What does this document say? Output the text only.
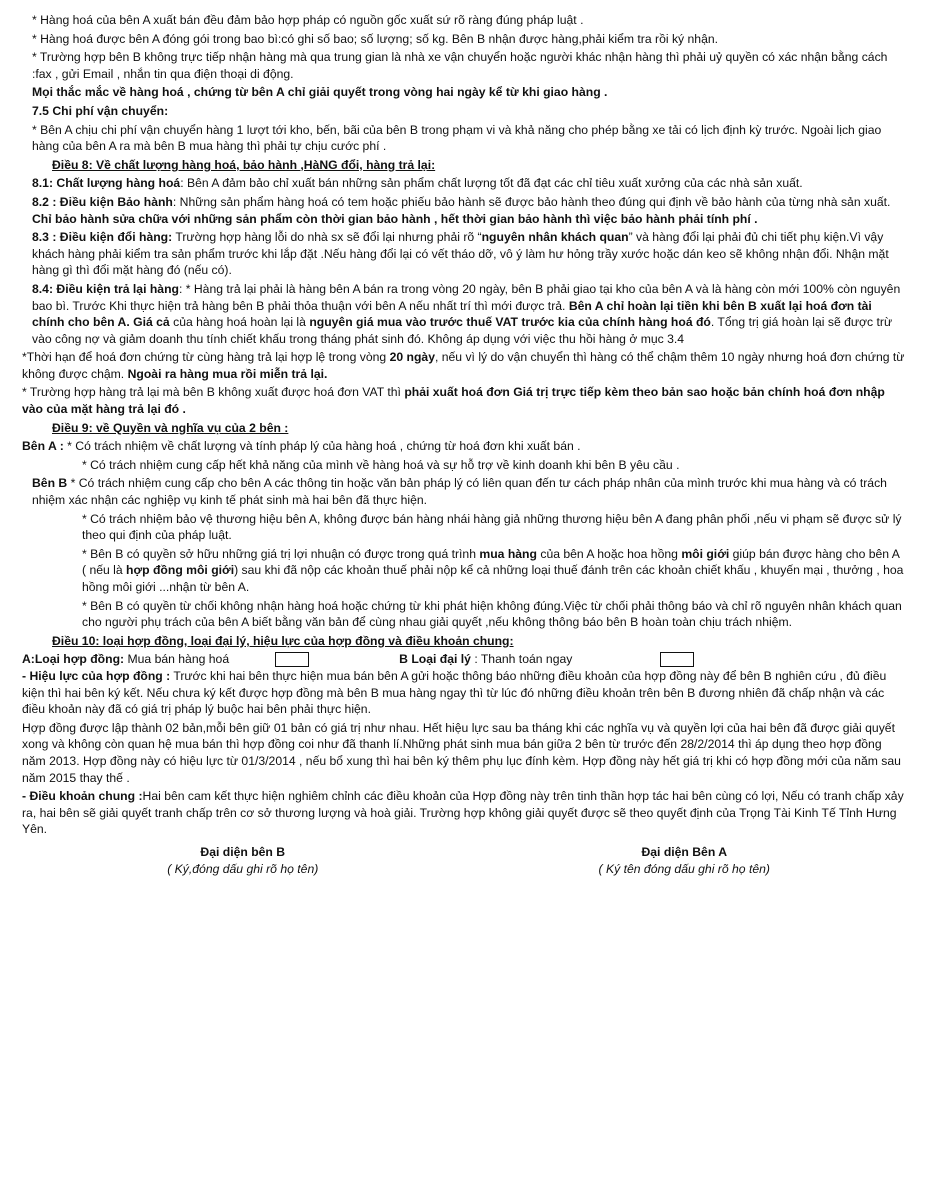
* Hàng hoá của bên A xuất bán đều đảm bảo hợp pháp có nguồn gốc xuất sứ rõ ràng đúng pháp luật .

* Hàng hoá được bên A đóng gói trong bao bì:có ghi số bao; số lượng; số kg. Bên B nhận được hàng,phải kiểm tra rồi ký nhận.

* Trường hợp bên B không trực tiếp nhận hàng mà qua trung gian là nhà xe vận chuyển hoặc người khác nhận hàng thì phải uỷ quyền có xác nhận bằng cách :fax , gửi Email , nhắn tin qua điện thoại di động.

Mọi thắc mắc về hàng hoá , chứng từ bên A chỉ giải quyết trong vòng hai ngày kể từ khi giao hàng .

7.5 Chi phí vận chuyển:

* Bên A chịu chi phí vận chuyển hàng 1 lượt tới kho, bến, bãi của bên B trong phạm vi và khả năng cho phép bằng xe tải có lịch định kỳ trước. Ngoài lịch giao hàng của bên A ra mà bên B mua hàng thì phải tự chịu cước phí .

Điều 8: Về chất lượng hàng hoá, bảo hành ,HàNG đổi, hàng trả lại:

8.1: Chất lượng hàng hoá: Bên A đảm bảo chỉ xuất bán những sản phẩm chất lượng tốt đã đạt các chỉ tiêu xuất xưởng của các nhà sản xuất.

8.2 : Điều kiện Bảo hành: Những sản phẩm hàng hoá có tem hoặc phiếu bảo hành sẽ được bảo hành theo đúng qui định về bảo hành của từng nhà sản xuất. Chỉ bảo hành sửa chữa với những sản phẩm còn thời gian bảo hành , hết thời gian bảo hành thì việc bảo hành phải tính phí .

8.3 : Điều kiện đổi hàng: Trường hợp hàng lỗi do nhà sx sẽ đổi lại nhưng phải rõ “nguyên nhân khách quan” và hàng đổi lại phải đủ chi tiết phụ kiện.Vì vậy khách hàng phải kiểm tra sản phẩm trước khi lắp đặt .Nếu hàng đổi lại có vết tháo dỡ, vô ý làm hư hỏng trầy xước hoặc dán keo sẽ không nhận đổi. Nhận mặt hàng gì thì đổi mặt hàng đó (nếu có).

8.4: Điều kiện trả lại hàng: * Hàng trả lại phải là hàng bên A bán ra trong vòng 20 ngày, bên B phải giao tại kho của bên A và là hàng còn mới 100% còn nguyên bao bì. Trước Khi thực hiện trả hàng bên B phải thỏa thuận với bên A nếu nhất trí thì mới được trả. Bên A chỉ hoàn lại tiền khi bên B xuất lại hoá đơn tài chính cho bên A. Giá cả của hàng hoá hoàn lại là nguyên giá mua vào trước thuế VAT trước kia của chính hàng hoá đó. Tổng trị giá hoàn lại sẽ được trừ vào công nợ và giảm doanh thu tính chiết khấu trong tháng phát sinh đó. Không áp dụng với việc thu hồi hàng ở mục 3.4

*Thời hạn để hoá đơn chứng từ cùng hàng trả lại hợp lệ trong vòng 20 ngày, nếu vì lý do vận chuyển thì hàng có thể chậm thêm 10 ngày nhưng hoá đơn chứng từ không được chậm. Ngoài ra hàng mua rồi miễn trả lại.

* Trường hợp hàng trả lại mà bên B không xuất được hoá đơn VAT thì phải xuất hoá đơn Giá trị trực tiếp kèm theo bản sao hoặc bản chính hoá đơn nhập vào của mặt hàng trả lại đó .

Điều 9: về Quyền và nghĩa vụ của 2 bên :

Bên A : * Có trách nhiệm về chất lượng và tính pháp lý của hàng hoá , chứng từ hoá đơn khi xuất bán .

* Có trách nhiệm cung cấp hết khả năng của mình về hàng hoá và sự hỗ trợ về kinh doanh khi bên B yêu cầu .

Bên B * Có trách nhiệm cung cấp cho bên A các thông tin hoặc văn bản pháp lý có liên quan đến tư cách pháp nhân của mình trước khi mua hàng và có trách nhiệm xác nhận các nghiệp vụ kinh tế phát sinh mà hai bên đã thực hiện.

* Có trách nhiệm bảo vệ thương hiệu bên A, không được bán hàng nhái hàng giả những thương hiệu bên A đang phân phối ,nếu vi phạm sẽ được sử lý theo qui định của pháp luật.

* Bên B có quyền sở hữu những giá trị lợi nhuận có được trong quá trình mua hàng của bên A hoặc hoa hồng môi giới giúp bán được hàng cho bên A ( nếu là hợp đồng môi giới) sau khi đã nộp các khoản thuế phải nộp kể cả những loại thuế đánh trên các khoản chiết khấu , khuyến mại , thưởng , hoa hồng môi giới ...nhận từ bên A.

* Bên B có quyền từ chối không nhận hàng hoá hoặc chứng từ khi phát hiện không đúng.Việc từ chối phải thông báo và chỉ rõ nguyên nhân khách quan cho người phụ trách của bên A biết bằng văn bản để cùng nhau giải quyết ,nếu không thông báo bên B hoàn toàn chịu trách nhiệm.

Điều 10: loại hợp đồng, loại đại lý, hiệu lực của hợp đồng và điều khoản chung:

A:Loại hợp đồng:
Mua bán hàng hoá	B Loại đại lý
: Thanh toán ngay

- Hiệu lực của hợp đồng : Trước khi hai bên thực hiện mua bán bên A gửi hoặc thông báo những điều khoản của hợp đồng này để bên B nghiên cứu , đủ điều kiện thì hai bên ký kết. Nếu chưa ký kết được hợp đồng mà bên B mua hàng ngay thì từ lúc đó những điều khoản trên bên B đương nhiên đã chấp nhận và các điều khoản này đã có giá trị pháp lý buộc hai bên phải thực hiện.

Hợp đồng được lập thành 02 bản,mỗi bên giữ 01 bản có giá trị như nhau. Hết hiệu lực sau ba tháng khi các nghĩa vụ và quyền lợi của hai bên đã được giải quyết xong và không còn quan hệ mua bán thì hợp đồng coi như đã thanh lí.Những phát sinh mua bán giữa 2 bên từ trước đến 28/2/2014 thì áp dụng theo hợp đồng năm 2013. Hợp đồng này có hiệu lực từ 01/3/2014 , nếu bổ xung thì hai bên ký thêm phụ lục đính kèm. Hợp đồng này hết giá trị khi có hợp đồng mới của năm sau năm 2015 thay thế .

- Điều khoản chung :Hai bên cam kết thực hiện nghiêm chỉnh các điều khoản của Hợp đồng này trên tinh thần hợp tác hai bên cùng có lợi, Nếu có tranh chấp xảy ra, hai bên sẽ giải quyết tranh chấp trên cơ sở thương lượng và hoà giải. Trường hợp không giải quyết được sẽ theo quyết định của Trọng Tài Kinh Tế Tỉnh Hưng Yên.

Đại diện bên B
( Ký,đóng dấu ghi rõ họ tên)
Đại diện Bên A
( Ký tên đóng dấu ghi rõ họ tên)
